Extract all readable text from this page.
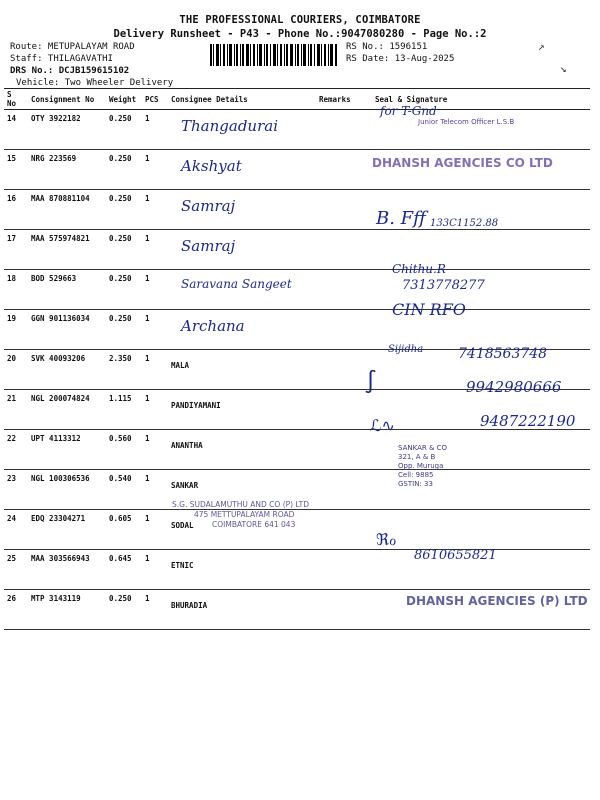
THE PROFESSIONAL COURIERS, COIMBATORE
Delivery Runsheet - P43 - Phone No.:9047080280 - Page No.:2
Route: METUPALAYAM ROAD
Staff: THILAGAVATHI
DRS No.: DCJB159615102
Vehicle: Two Wheeler Delivery
RS No.: 1596151
RS Date: 13-Aug-2025
↗
↘
S No	Consignment No	Weight	PCS	Consignee Details	Remarks	Seal & Signature
14	OTY 3922182	0.250	1	Thangadurai		
15	NRG 223569	0.250	1	Akshyat		
16	MAA 870881104	0.250	1	Samraj		
17	MAA 575974821	0.250	1	Samraj		
18	BOD 529663	0.250	1	Saravana Sangeet		
19	GGN 901136034	0.250	1	Archana		
20	SVK 40093206	2.350	1	MALA		
21	NGL 200074824	1.115	1	PANDIYAMANI		
22	UPT 4113312	0.560	1	ANANTHA		
23	NGL 100306536	0.540	1	SANKAR		
24	EDQ 23304271	0.605	1	SODAL		
25	MAA 303566943	0.645	1	ETNIC		
26	MTP 3143119	0.250	1	BHURADIA		
for T-Gnd
Junior Telecom Officer L.S.B
DHANSH AGENCIES CO LTD
B. Fff 133C1152.88
Chithu.R
7313778277
CIN RFO
Sijidha 7418563748
9942980666
∫
9487222190
ℒ∿
SANKAR & CO
321, A & B
Opp. Muruga
Cell: 9885
GSTIN: 33
S.G. SUDALAMUTHU AND CO (P) LTD
475 METTUPALAYAM ROAD
COIMBATORE 641 043
8610655821
ℜℴ
DHANSH AGENCIES (P) LTD
